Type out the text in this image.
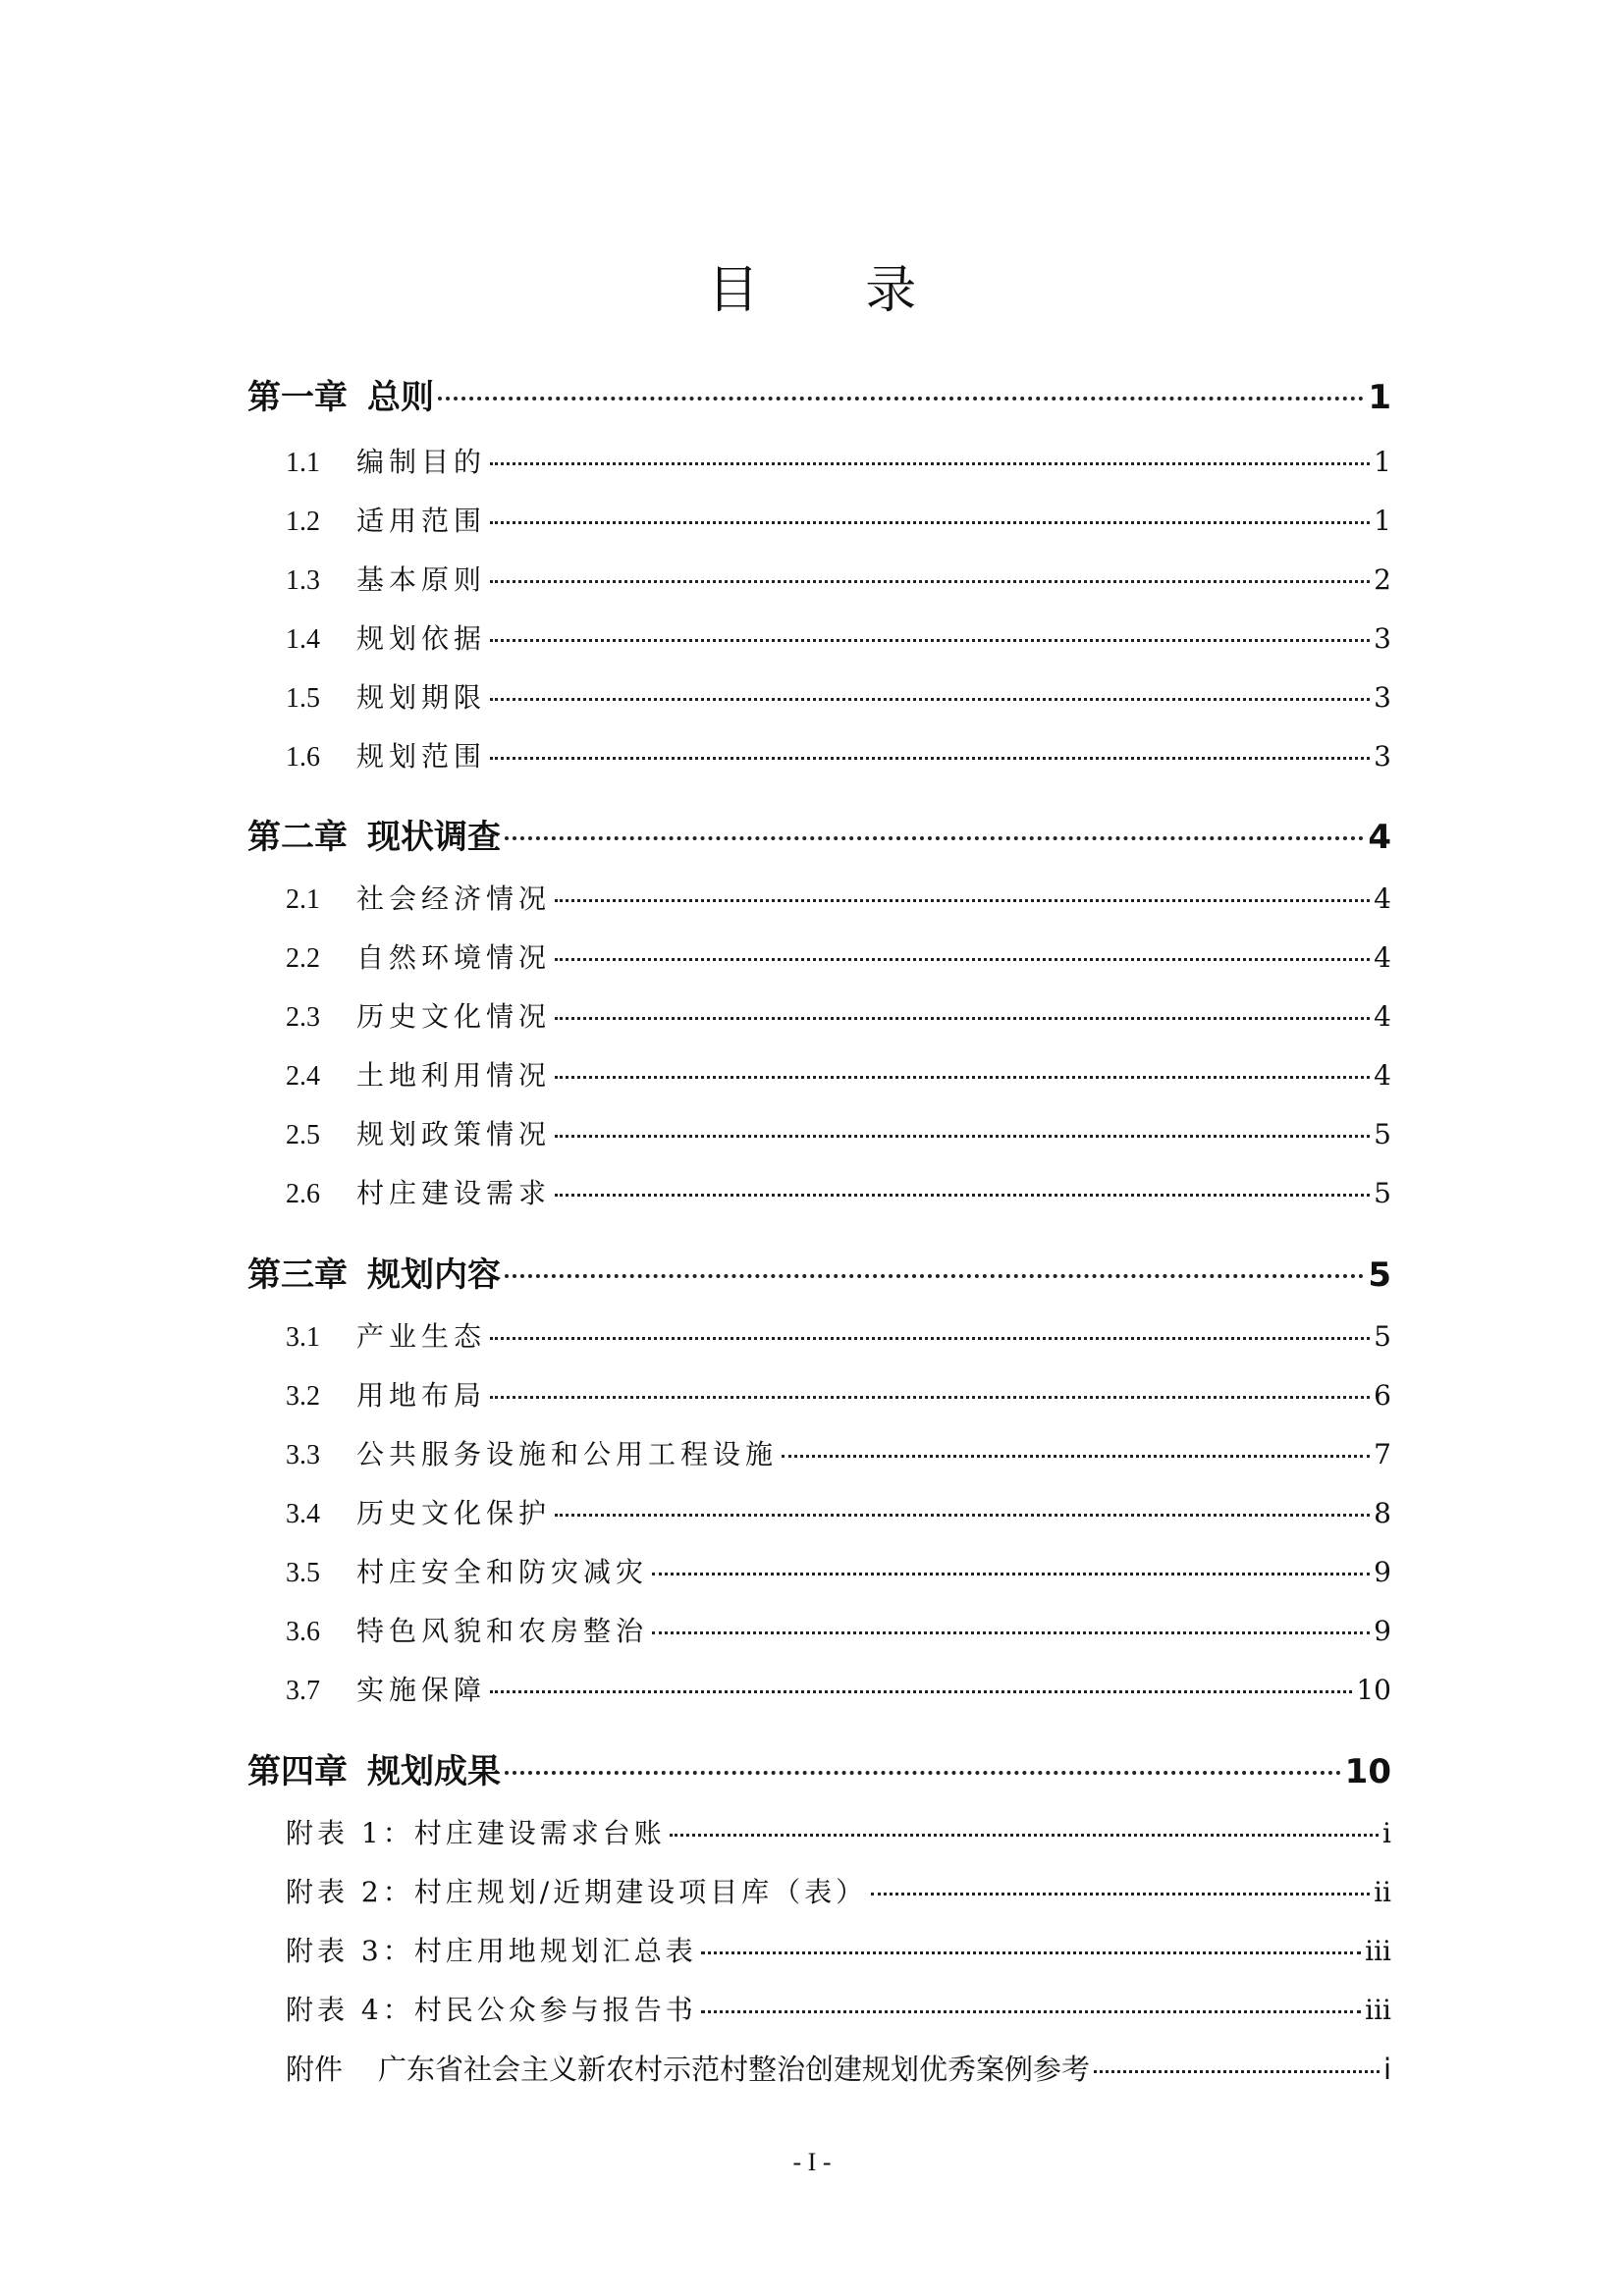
目 录
第一章 总则	1
1.1	编制目的	1
1.2	适用范围	1
1.3	基本原则	2
1.4	规划依据	3
1.5	规划期限	3
1.6	规划范围	3
第二章 现状调查	4
2.1	社会经济情况	4
2.2	自然环境情况	4
2.3	历史文化情况	4
2.4	土地利用情况	4
2.5	规划政策情况	5
2.6	村庄建设需求	5
第三章 规划内容	5
3.1	产业生态	5
3.2	用地布局	6
3.3	公共服务设施和公用工程设施	7
3.4	历史文化保护	8
3.5	村庄安全和防灾减灾	9
3.6	特色风貌和农房整治	9
3.7	实施保障	10
第四章 规划成果	10
附表 1：村庄建设需求台账	i
附表 2：村庄规划/近期建设项目库（表）	ii
附表 3：村庄用地规划汇总表	iii
附表 4：村民公众参与报告书	iii
附件 广东省社会主义新农村示范村整治创建规划优秀案例参考	i
- I -
